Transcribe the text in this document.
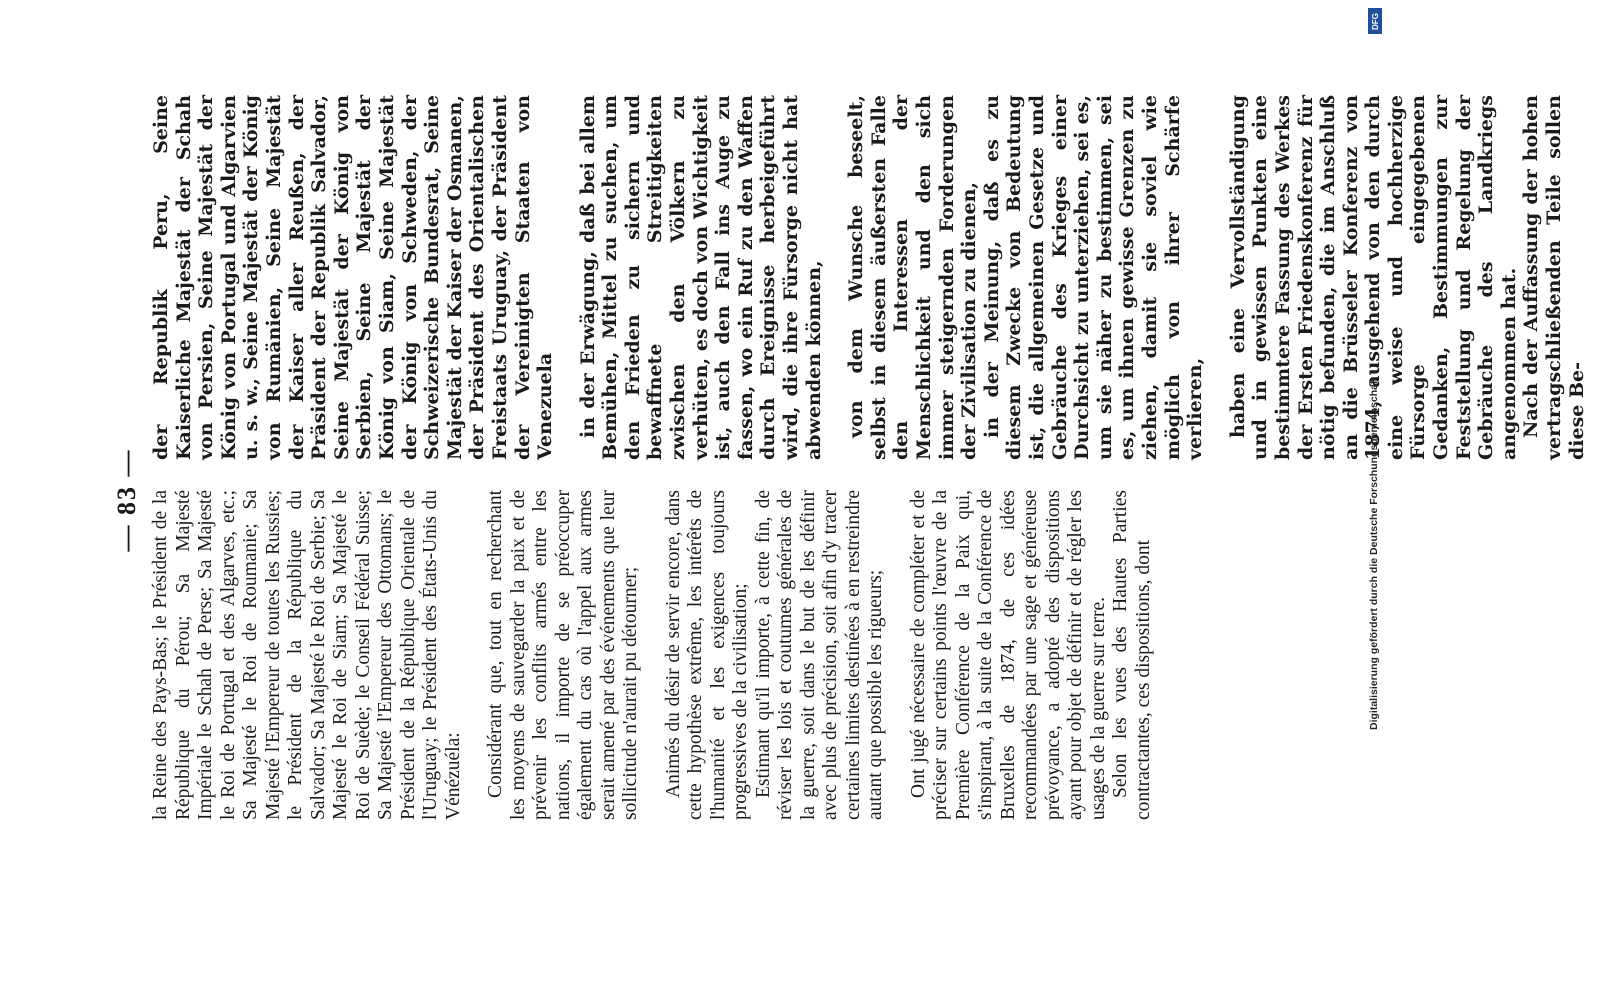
— 83 — la Reine des Pays-Bas; le Président de la République du Pérou; Sa Majesté Impériale le Schah de Perse; Sa Majesté le Roi de Portugal et des Algarves, etc.; Sa Majesté le Roi de Roumanie; Sa Majesté l'Empereur de toutes les Russies; le Président de la République du Salvador; Sa Majesté le Roi de Serbie; Sa Majesté le Roi de Siam; Sa Majesté le Roi de Suède; le Conseil Fédéral Suisse; Sa Majesté l'Empereur des Ottomans; le Président de la République Orientale de l'Uruguay; le Président des États-Unis du Vénézuéla: Considérant que, tout en recherchant les moyens de sauvegarder la paix et de prévenir les conflits armés entre les nations, il importe de se préoccuper également du cas où l'appel aux armes serait amené par des événements que leur sollicitude n'aurait pu détourner; Animés du désir de servir encore, dans cette hypothèse extrême, les intérêts de l'humanité et les exigences toujours progressives de la civilisation; Estimant qu'il importe, à cette fin, de réviser les lois et coutumes générales de la guerre, soit dans le but de les définir avec plus de précision, soit afin d'y tracer certaines limites destinées à en restreindre autant que possible les rigueurs; Ont jugé nécessaire de compléter et de préciser sur certains points l'œuvre de la Première Conférence de la Paix qui, s'inspirant, à la suite de la Conférence de Bruxelles de 1874, de ces idées recommandées par une sage et généreuse prévoyance, a adopté des dispositions ayant pour objet de définir et de régler les usages de la guerre sur terre. Selon les vues des Hautes Parties contractantes, ces dispositions, dont

der Republik Peru, Seine Kaiserliche Majestät der Schah von Persien, Seine Majestät der König von Portugal und Algarvien u. s. w., Seine Majestät der König von Rumänien, Seine Majestät der Kaiser aller Reußen, der Präsident der Republik Salvador, Seine Majestät der König von Serbien, Seine Majestät der König von Siam, Seine Majestät der König von Schweden, der Schweizerische Bundesrat, Seine Majestät der Kaiser der Osmanen, der Präsident des Orientalischen Freistaats Uruguay, der Präsident der Vereinigten Staaten von Venezuela in der Erwägung, daß bei allem Bemühen, Mittel zu suchen, um den Frieden zu sichern und bewaffnete Streitigkeiten zwischen den Völkern zu verhüten, es doch von Wichtigkeit ist, auch den Fall ins Auge zu fassen, wo ein Ruf zu den Waffen durch Ereignisse herbeigeführt wird, die ihre Fürsorge nicht hat abwenden können, von dem Wunsche beseelt, selbst in diesem äußersten Falle den Interessen der Menschlichkeit und den sich immer steigernden Forderungen der Zivilisation zu dienen, in der Meinung, daß es zu diesem Zwecke von Bedeutung ist, die allgemeinen Gesetze und Gebräuche des Krieges einer Durchsicht zu unterziehen, sei es, um sie näher zu bestimmen, sei es, um ihnen gewisse Grenzen zu ziehen, damit sie soviel wie möglich von ihrer Schärfe verlieren, haben eine Vervollständigung und in gewissen Punkten eine bestimmtere Fassung des Werkes der Ersten Friedenskonferenz für nötig befunden, die im Anschluß an die Brüsseler Konferenz von 1874, ausgehend von den durch eine weise und hochherzige Fürsorge eingegebenen Gedanken, Bestimmungen zur Feststellung und Regelung der Gebräuche des Landkriegs angenommen hat. Nach der Auffassung der hohen vertragschließenden Teile sollen diese Be-

DFG
Digitalisierung gefördert durch die Deutsche Forschungsgemeinschaft -
